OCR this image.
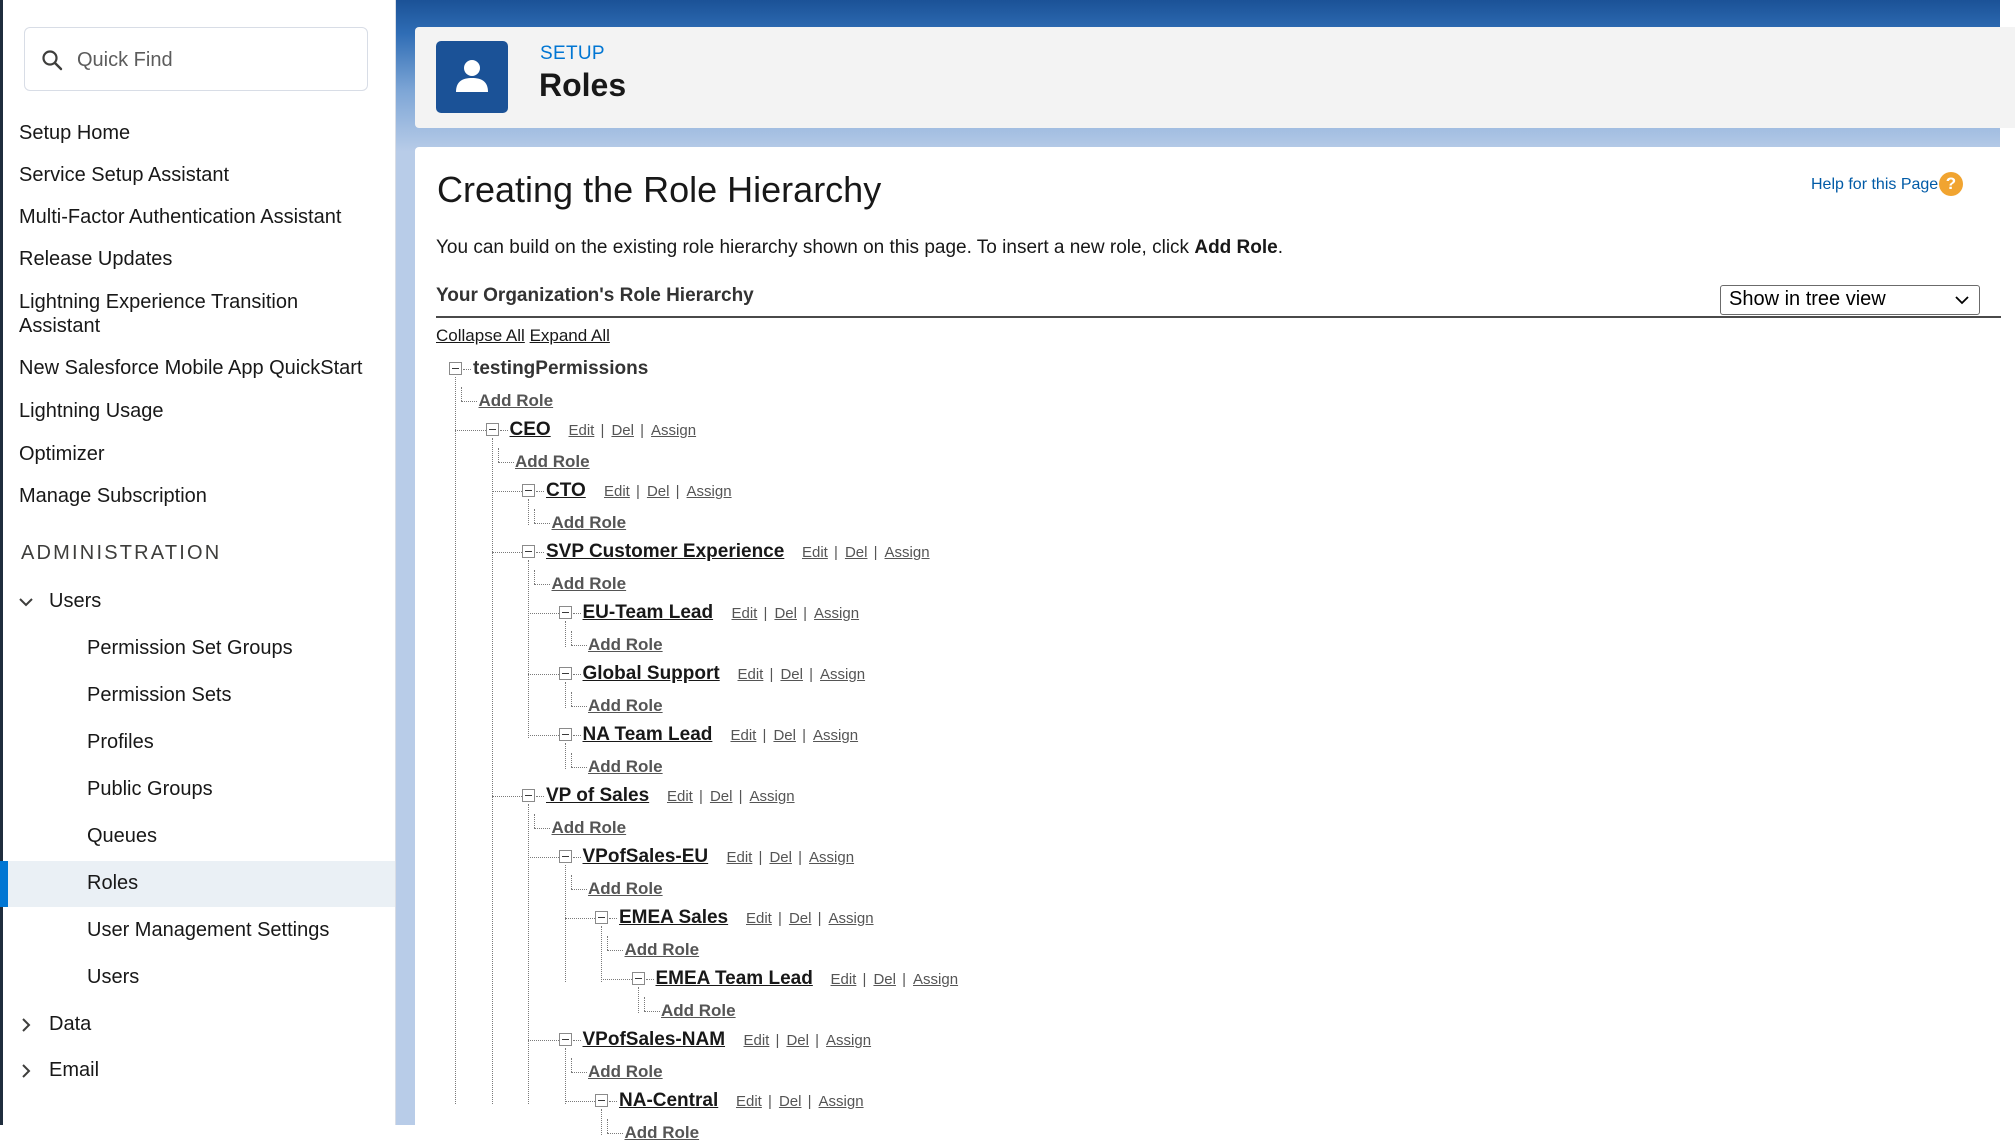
Quick Find
Setup Home
Service Setup Assistant
Multi-Factor Authentication Assistant
Release Updates
Lightning Experience Transition Assistant
New Salesforce Mobile App QuickStart
Lightning Usage
Optimizer
Manage Subscription
ADMINISTRATION
Users
Permission Set Groups
Permission Sets
Profiles
Public Groups
Queues
Roles
User Management Settings
Users
Data
Email
SETUP
Roles
Creating the Role Hierarchy	Help for this Page ?
You can build on the existing role hierarchy shown on this page. To insert a new role, click Add Role.
Your Organization's Role Hierarchy	Show in tree view
Collapse All Expand All
testingPermissions
Add Role
CEO Edit | Del | Assign
Add Role
CTO Edit | Del | Assign
Add Role
SVP Customer Experience Edit | Del | Assign
Add Role
EU-Team Lead Edit | Del | Assign
Add Role
Global Support Edit | Del | Assign
Add Role
NA Team Lead Edit | Del | Assign
Add Role
VP of Sales Edit | Del | Assign
Add Role
VPofSales-EU Edit | Del | Assign
Add Role
EMEA Sales Edit | Del | Assign
Add Role
EMEA Team Lead Edit | Del | Assign
Add Role
VPofSales-NAM Edit | Del | Assign
Add Role
NA-Central Edit | Del | Assign
Add Role
